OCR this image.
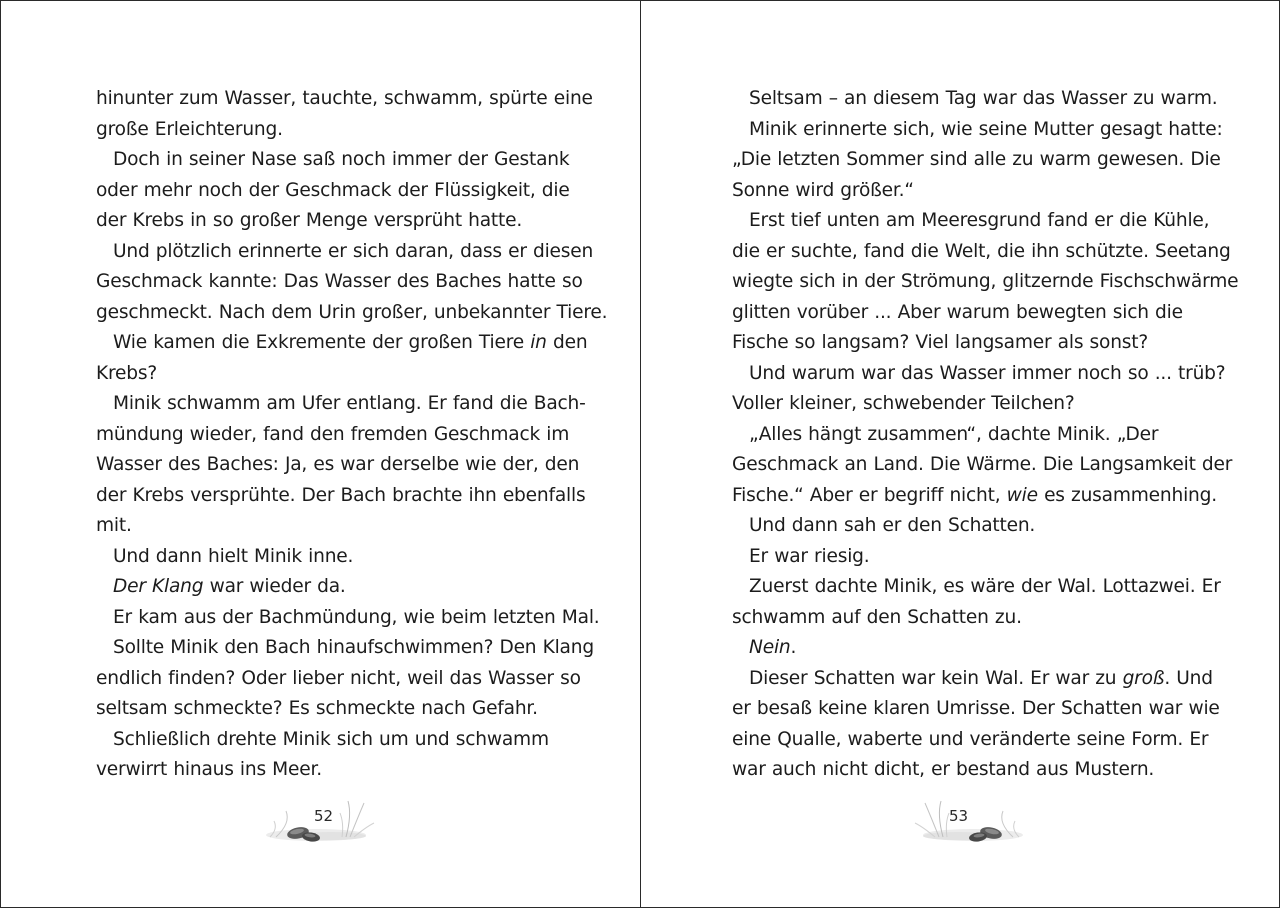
hinunter zum Wasser, tauchte, schwamm, spürte eine
große Erleichterung.
Doch in seiner Nase saß noch immer der Gestank
oder mehr noch der Geschmack der Flüssigkeit, die
der Krebs in so großer Menge versprüht hatte.
Und plötzlich erinnerte er sich daran, dass er diesen
Geschmack kannte: Das Wasser des Baches hatte so
geschmeckt. Nach dem Urin großer, unbekannter Tiere.
Wie kamen die Exkremente der großen Tiere in den
Krebs?
Minik schwamm am Ufer entlang. Er fand die Bach-
mündung wieder, fand den fremden Geschmack im
Wasser des Baches: Ja, es war derselbe wie der, den
der Krebs versprühte. Der Bach brachte ihn ebenfalls
mit.
Und dann hielt Minik inne.
Der Klang war wieder da.
Er kam aus der Bachmündung, wie beim letzten Mal.
Sollte Minik den Bach hinaufschwimmen? Den Klang
endlich finden? Oder lieber nicht, weil das Wasser so
seltsam schmeckte? Es schmeckte nach Gefahr.
Schließlich drehte Minik sich um und schwamm
verwirrt hinaus ins Meer.
52
Seltsam – an diesem Tag war das Wasser zu warm.
Minik erinnerte sich, wie seine Mutter gesagt hatte:
„Die letzten Sommer sind alle zu warm gewesen. Die
Sonne wird größer.“
Erst tief unten am Meeresgrund fand er die Kühle,
die er suchte, fand die Welt, die ihn schützte. Seetang
wiegte sich in der Strömung, glitzernde Fischschwärme
glitten vorüber ... Aber warum bewegten sich die
Fische so langsam? Viel langsamer als sonst?
Und warum war das Wasser immer noch so ... trüb?
Voller kleiner, schwebender Teilchen?
„Alles hängt zusammen“, dachte Minik. „Der
Geschmack an Land. Die Wärme. Die Langsamkeit der
Fische.“ Aber er begriff nicht, wie es zusammenhing.
Und dann sah er den Schatten.
Er war riesig.
Zuerst dachte Minik, es wäre der Wal. Lottazwei. Er
schwamm auf den Schatten zu.
Nein.
Dieser Schatten war kein Wal. Er war zu groß. Und
er besaß keine klaren Umrisse. Der Schatten war wie
eine Qualle, waberte und veränderte seine Form. Er
war auch nicht dicht, er bestand aus Mustern.
53
